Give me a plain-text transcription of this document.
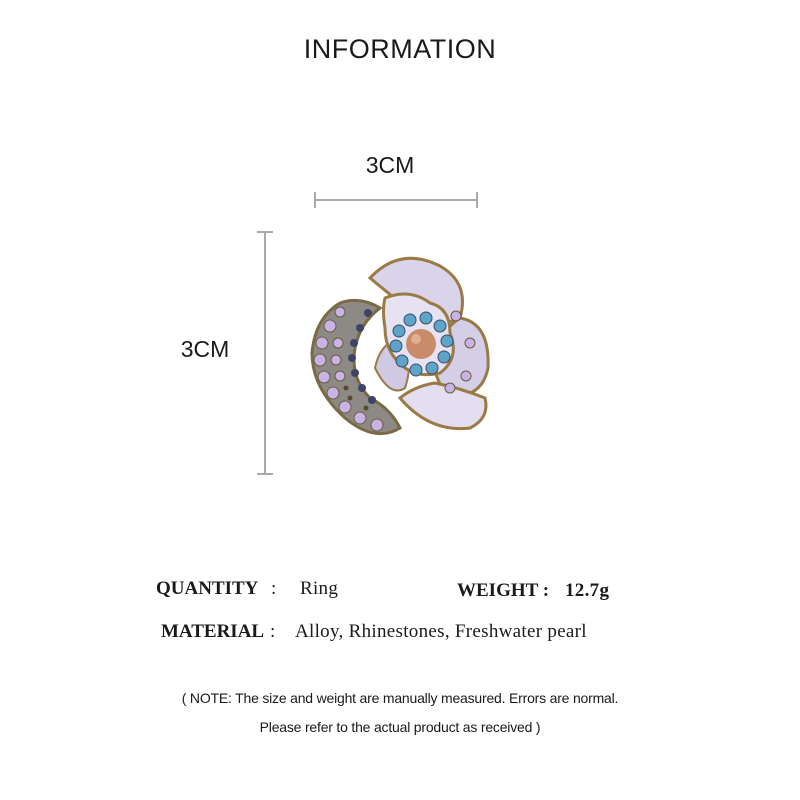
INFORMATION
3CM
3CM
QUANTITY : Ring	WEIGHT : 12.7g
MATERIAL : Alloy, Rhinestones, Freshwater pearl
( NOTE: The size and weight are manually measured. Errors are normal.
Please refer to the actual product as received )
